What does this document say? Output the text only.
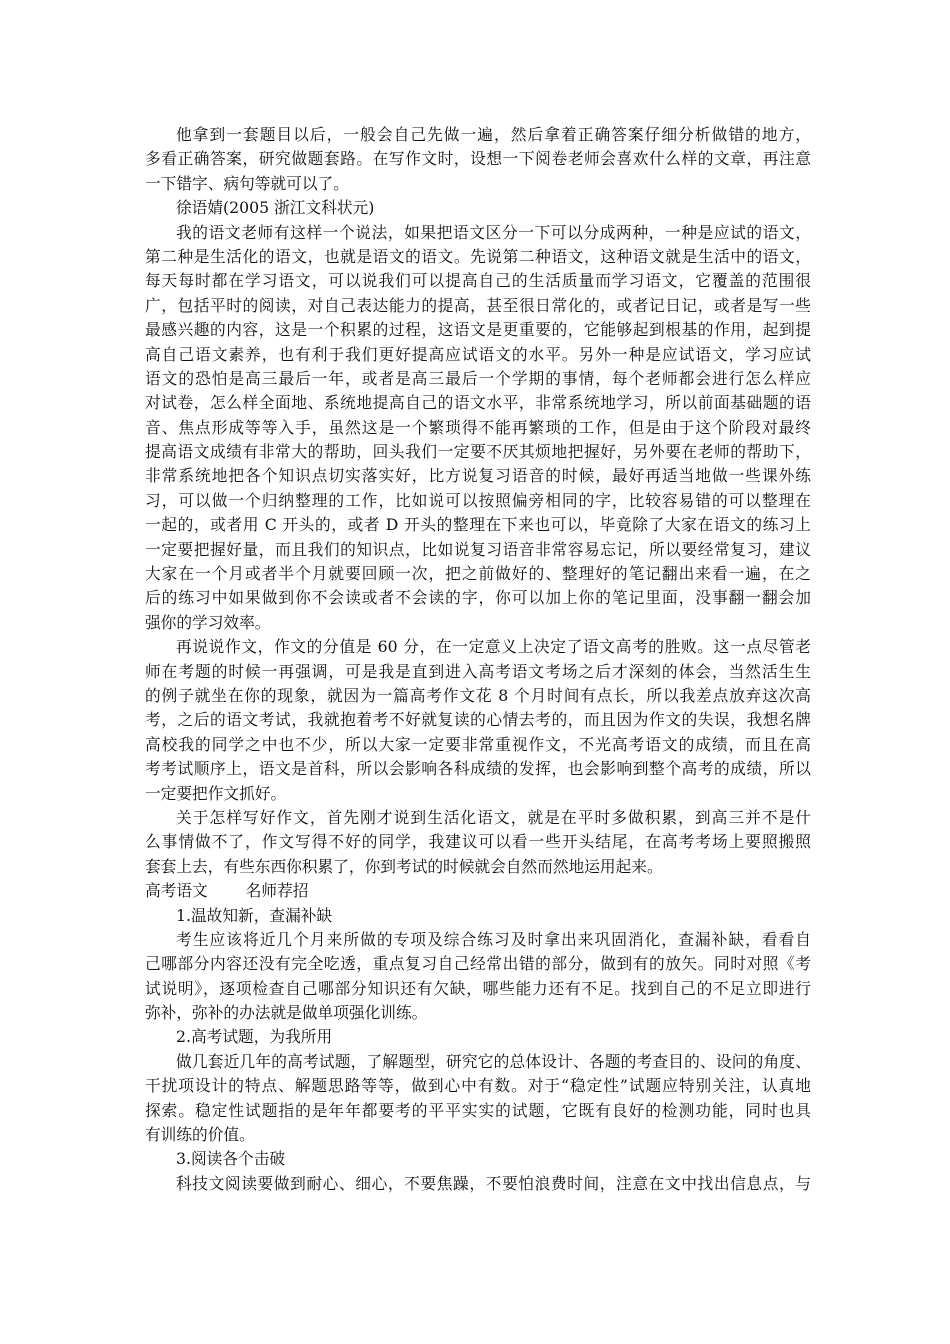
他拿到一套题目以后，一般会自己先做一遍，然后拿着正确答案仔细分析做错的地方，
多看正确答案，研究做题套路。在写作文时，设想一下阅卷老师会喜欢什么样的文章，再注意
一下错字、病句等就可以了。
徐语婧(2005 浙江文科状元)
我的语文老师有这样一个说法，如果把语文区分一下可以分成两种，一种是应试的语文，
第二种是生活化的语文，也就是语文的语文。先说第二种语文，这种语文就是生活中的语文，
每天每时都在学习语文，可以说我们可以提高自己的生活质量而学习语文，它覆盖的范围很
广，包括平时的阅读，对自己表达能力的提高，甚至很日常化的，或者记日记，或者是写一些
最感兴趣的内容，这是一个积累的过程，这语文是更重要的，它能够起到根基的作用，起到提
高自己语文素养，也有利于我们更好提高应试语文的水平。另外一种是应试语文，学习应试
语文的恐怕是高三最后一年，或者是高三最后一个学期的事情，每个老师都会进行怎么样应
对试卷，怎么样全面地、系统地提高自己的语文水平，非常系统地学习，所以前面基础题的语
音、焦点形成等等入手，虽然这是一个繁琐得不能再繁琐的工作，但是由于这个阶段对最终
提高语文成绩有非常大的帮助，回头我们一定要不厌其烦地把握好，另外要在老师的帮助下，
非常系统地把各个知识点切实落实好，比方说复习语音的时候，最好再适当地做一些课外练
习，可以做一个归纳整理的工作，比如说可以按照偏旁相同的字，比较容易错的可以整理在
一起的，或者用 C 开头的，或者 D 开头的整理在下来也可以，毕竟除了大家在语文的练习上
一定要把握好量，而且我们的知识点，比如说复习语音非常容易忘记，所以要经常复习，建议
大家在一个月或者半个月就要回顾一次，把之前做好的、整理好的笔记翻出来看一遍，在之
后的练习中如果做到你不会读或者不会读的字，你可以加上你的笔记里面，没事翻一翻会加
强你的学习效率。
再说说作文，作文的分值是 60 分，在一定意义上决定了语文高考的胜败。这一点尽管老
师在考题的时候一再强调，可是我是直到进入高考语文考场之后才深刻的体会，当然活生生
的例子就坐在你的现象，就因为一篇高考作文花 8 个月时间有点长，所以我差点放弃这次高
考，之后的语文考试，我就抱着考不好就复读的心情去考的，而且因为作文的失误，我想名牌
高校我的同学之中也不少，所以大家一定要非常重视作文，不光高考语文的成绩，而且在高
考考试顺序上，语文是首科，所以会影响各科成绩的发挥，也会影响到整个高考的成绩，所以
一定要把作文抓好。
关于怎样写好作文，首先刚才说到生活化语文，就是在平时多做积累，到高三并不是什
么事情做不了，作文写得不好的同学，我建议可以看一些开头结尾，在高考考场上要照搬照
套套上去，有些东西你积累了，你到考试的时候就会自然而然地运用起来。
高考语文 名师荐招
1.温故知新，查漏补缺
考生应该将近几个月来所做的专项及综合练习及时拿出来巩固消化，查漏补缺，看看自
己哪部分内容还没有完全吃透，重点复习自己经常出错的部分，做到有的放矢。同时对照《考
试说明》，逐项检查自己哪部分知识还有欠缺，哪些能力还有不足。找到自己的不足立即进行
弥补，弥补的办法就是做单项强化训练。
2.高考试题，为我所用
做几套近几年的高考试题，了解题型，研究它的总体设计、各题的考查目的、设问的角度、
干扰项设计的特点、解题思路等等，做到心中有数。对于“稳定性”试题应特别关注，认真地
探索。稳定性试题指的是年年都要考的平平实实的试题，它既有良好的检测功能，同时也具
有训练的价值。
3.阅读各个击破
科技文阅读要做到耐心、细心，不要焦躁，不要怕浪费时间，注意在文中找出信息点，与
